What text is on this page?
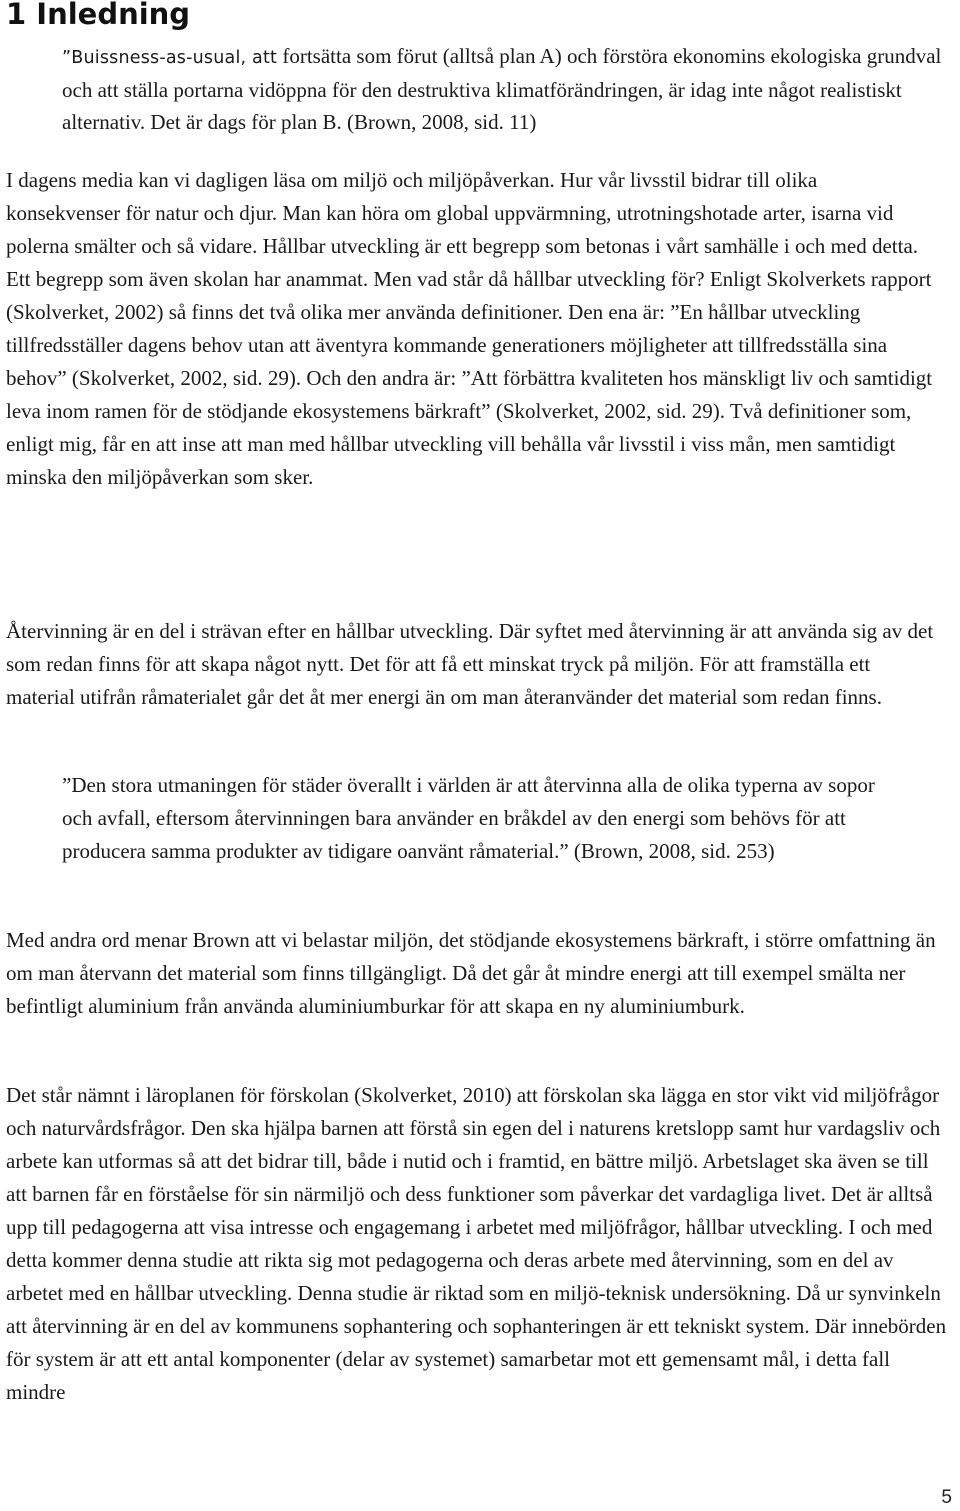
1 Inledning

”Buissness-as-usual, att fortsätta som förut (alltså plan A) och förstöra ekonomins ekologiska grundval och att ställa portarna vidöppna för den destruktiva klimatförändringen, är idag inte något realistiskt alternativ. Det är dags för plan B. (Brown, 2008, sid. 11)

I dagens media kan vi dagligen läsa om miljö och miljöpåverkan. Hur vår livsstil bidrar till olika konsekvenser för natur och djur. Man kan höra om global uppvärmning, utrotningshotade arter, isarna vid polerna smälter och så vidare. Hållbar utveckling är ett begrepp som betonas i vårt samhälle i och med detta. Ett begrepp som även skolan har anammat. Men vad står då hållbar utveckling för? Enligt Skolverkets rapport (Skolverket, 2002) så finns det två olika mer använda definitioner. Den ena är: ”En hållbar utveckling tillfredsställer dagens behov utan att äventyra kommande generationers möjligheter att tillfredsställa sina behov” (Skolverket, 2002, sid. 29). Och den andra är: ”Att förbättra kvaliteten hos mänskligt liv och samtidigt leva inom ramen för de stödjande ekosystemens bärkraft” (Skolverket, 2002, sid. 29). Två definitioner som, enligt mig, får en att inse att man med hållbar utveckling vill behålla vår livsstil i viss mån, men samtidigt minska den miljöpåverkan som sker.

Återvinning är en del i strävan efter en hållbar utveckling. Där syftet med återvinning är att använda sig av det som redan finns för att skapa något nytt. Det för att få ett minskat tryck på miljön. För att framställa ett material utifrån råmaterialet går det åt mer energi än om man återanvänder det material som redan finns.

”Den stora utmaningen för städer överallt i världen är att återvinna alla de olika typerna av sopor och avfall, eftersom återvinningen bara använder en bråkdel av den energi som behövs för att producera samma produkter av tidigare oanvänt råmaterial.” (Brown, 2008, sid. 253)

Med andra ord menar Brown att vi belastar miljön, det stödjande ekosystemens bärkraft, i större omfattning än om man återvann det material som finns tillgängligt. Då det går åt mindre energi att till exempel smälta ner befintligt aluminium från använda aluminiumburkar för att skapa en ny aluminiumburk.

Det står nämnt i läroplanen för förskolan (Skolverket, 2010) att förskolan ska lägga en stor vikt vid miljöfrågor och naturvårdsfrågor. Den ska hjälpa barnen att förstå sin egen del i naturens kretslopp samt hur vardagsliv och arbete kan utformas så att det bidrar till, både i nutid och i framtid, en bättre miljö. Arbetslaget ska även se till att barnen får en förståelse för sin närmiljö och dess funktioner som påverkar det vardagliga livet. Det är alltså upp till pedagogerna att visa intresse och engagemang i arbetet med miljöfrågor, hållbar utveckling. I och med detta kommer denna studie att rikta sig mot pedagogerna och deras arbete med återvinning, som en del av arbetet med en hållbar utveckling. Denna studie är riktad som en miljö-teknisk undersökning. Då ur synvinkeln att återvinning är en del av kommunens sophantering och sophanteringen är ett tekniskt system. Där innebörden för system är att ett antal komponenter (delar av systemet) samarbetar mot ett gemensamt mål, i detta fall mindre

5
